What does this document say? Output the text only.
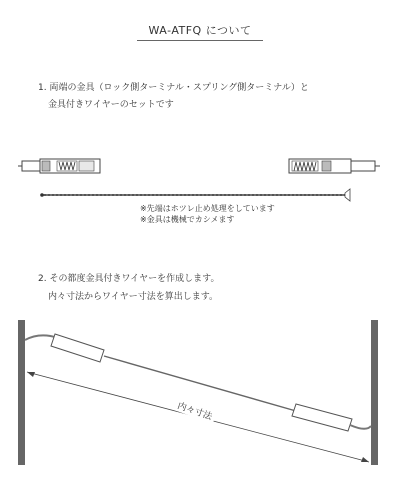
WA-ATFQ について
1. 両端の金具（ロック側ターミナル・スプリング側ターミナル）と
金具付きワイヤーのセットです
※先端はホツレ止め処理をしています
※金具は機械でカシメます
2. その都度金具付きワイヤーを作成します。
内々寸法からワイヤー寸法を算出します。
内々寸法
